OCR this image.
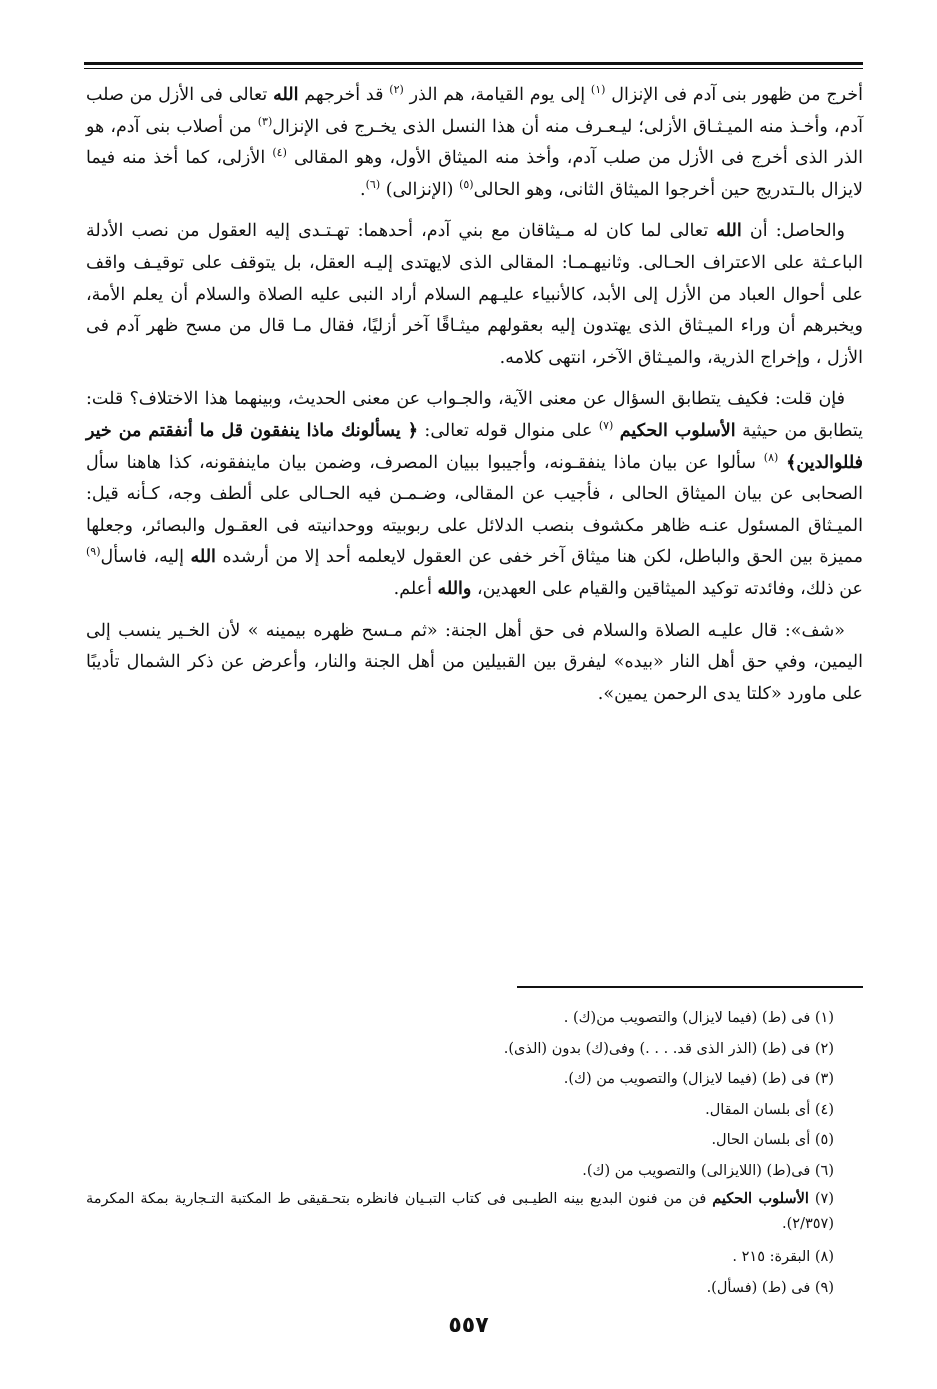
أخرج من ظهور بنى آدم فى الإنزال $^{(١)}$ إلى يوم القيامة، هم الذر $^{(٢)}$ قد أخرجهم الله تعالى فى الأزل من صلب آدم، وأخـذ منه الميـثـاق الأزلى؛ ليـعـرف منه أن هذا النسل الذى يخـرج فى الإنزال$^{(٣)}$ من أصلاب بنى آدم، هو الذر الذى أخرج فى الأزل من صلب آدم، وأخذ منه الميثاق الأول، وهو المقالى $^{(٤)}$ الأزلى، كما أخذ منه فيما لايزال بالـتدريج حين أخرجوا الميثاق الثانى، وهو الحالى$^{(٥)}$ (الإنزالى) $^{(٦)}$.

والحاصل: أن الله تعالى لما كان له مـيثاقان مع بني آدم، أحدهما: تهـتـدى إليه العقول من نصب الأدلة الباعـثة على الاعتراف الحـالى. وثانيهـمـا: المقالى الذى لايهتدى إليـه العقل، بل يتوقف على توقيـف واقف على أحوال العباد من الأزل إلى الأبد، كالأنبياء عليـهم السلام أراد النبى عليه الصلاة والسلام أن يعلم الأمة، ويخبرهم أن وراء الميـثاق الذى يهتدون إليه بعقولهم ميثـاقًا آخر أزليًا، فقال مـا قال من مسح ظهر آدم فى الأزل ، وإخراج الذرية، والميـثاق الآخر، انتهى كلامه.

فإن قلت: فكيف يتطابق السؤال عن معنى الآية، والجـواب عن معنى الحديث، وبينهما هذا الاختلاف؟ قلت: يتطابق من حيثية الأسلوب الحكيم $^{(٧)}$ على منوال قوله تعالى: ﴿ يسألونك ماذا ينفقون قل ما أنفقتم من خير فللوالدين﴾ $^{(٨)}$ سألوا عن بيان ماذا ينفقـونه، وأجيبوا ببيان المصرف، وضمن بيان ماينفقونه، كذا هاهنا سأل الصحابى عن بيان الميثاق الحالى ، فأجيب عن المقالى، وضـمـن فيه الحـالى على ألطف وجه، كـأنه قيل: الميـثاق المسئول عنـه ظاهر مكشوف بنصب الدلائل على ربوبيته ووحدانيته فى العقـول والبصائر، وجعلها مميزة بين الحق والباطل، لكن هنا ميثاق آخر خفى عن العقول لايعلمه أحد إلا من أرشده الله إليه، فاسأل$^{(٩)}$ عن ذلك، وفائدته توكيد الميثاقين والقيام على العهدين، والله أعلم.

«شف»: قال عليـه الصلاة والسلام فى حق أهل الجنة: «ثم مـسح ظهره بيمينه » لأن الخـير ينسب إلى اليمين، وفي حق أهل النار «بيده» ليفرق بين القبيلين من أهل الجنة والنار، وأعرض عن ذكر الشمال تأديبًا على ماورد «كلتا يدى الرحمن يمين».

(١) فى (ط) (فيما لايزال) والتصويب من(ك) .

(٢) فى (ط) (الذر الذى قد. . . .) وفى(ك) بدون (الذى).

(٣) فى (ط) (فيما لايزال) والتصويب من (ك).

(٤) أى بلسان المقال.

(٥) أى بلسان الحال.

(٦) فى(ط) (اللايزالى) والتصويب من (ك).

(٧) الأسلوب الحكيم فن من فنون البديع بينه الطيـبى فى كتاب التبـيان فانظره بتحـقيقى ط المكتبة التـجارية بمكة المكرمة (٢/٣٥٧).

(٨) البقرة: ٢١٥ .

(٩) فى (ط) (فسأل).

٥٥٧
